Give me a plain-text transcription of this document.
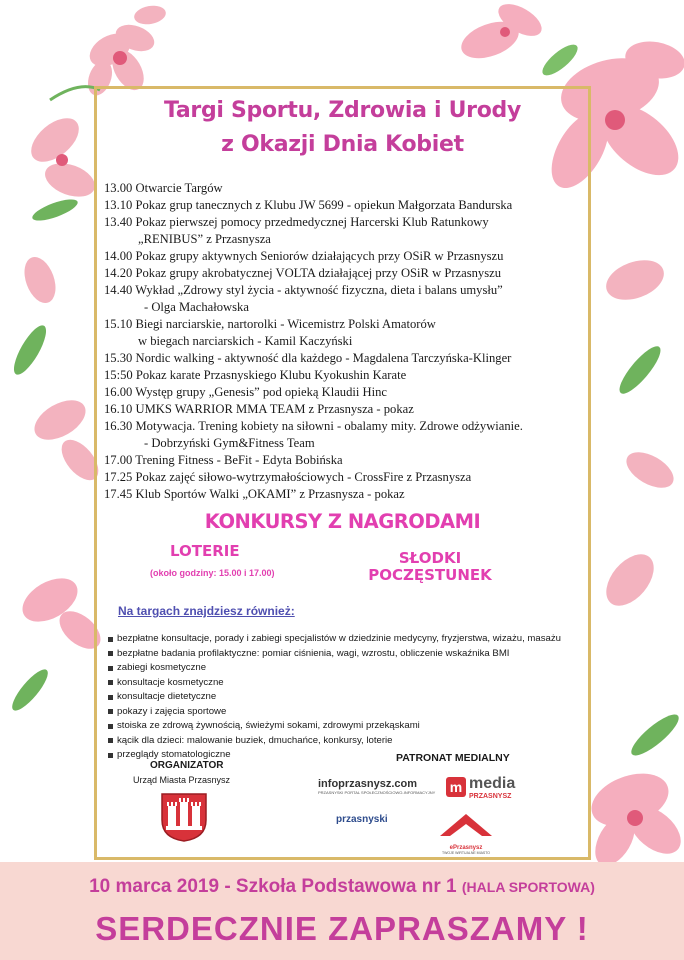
Targi Sportu, Zdrowia i Urody
z Okazji Dnia Kobiet
13.00 Otwarcie Targów
13.10 Pokaz grup tanecznych z Klubu JW 5699 - opiekun Małgorzata Bandurska
13.40 Pokaz pierwszej pomocy przedmedycznej Harcerski Klub Ratunkowy
„RENIBUS” z Przasnysza
14.00 Pokaz grupy aktywnych Seniorów działających przy OSiR w Przasnyszu
14.20 Pokaz grupy akrobatycznej VOLTA działającej przy OSiR w Przasnyszu
14.40 Wykład „Zdrowy styl życia - aktywność fizyczna, dieta i balans umysłu”
- Olga Machałowska
15.10 Biegi narciarskie, nartorolki - Wicemistrz Polski Amatorów
w biegach narciarskich - Kamil Kaczyński
15.30 Nordic walking - aktywność dla każdego - Magdalena Tarczyńska-Klinger
15:50 Pokaz karate Przasnyskiego Klubu Kyokushin Karate
16.00 Występ grupy „Genesis” pod opieką Klaudii Hinc
16.10 UMKS WARRIOR MMA TEAM z Przasnysza - pokaz
16.30 Motywacja. Trening kobiety na siłowni - obalamy mity. Zdrowe odżywianie.
- Dobrzyński Gym&Fitness Team
17.00 Trening Fitness - BeFit - Edyta Bobińska
17.25 Pokaz zajęć siłowo-wytrzymałościowych - CrossFire z Przasnysza
17.45 Klub Sportów Walki „OKAMI” z Przasnysza - pokaz
KONKURSY Z NAGRODAMI
LOTERIE
(około godziny: 15.00 i 17.00)
SŁODKI
POCZĘSTUNEK
Na targach znajdziesz również:
bezpłatne konsultacje, porady i zabiegi specjalistów w dziedzinie medycyny, fryzjerstwa, wizażu, masażu
bezpłatne badania profilaktyczne: pomiar ciśnienia, wagi, wzrostu, obliczenie wskaźnika BMI
zabiegi kosmetyczne
konsultacje kosmetyczne
konsultacje dietetyczne
pokazy i zajęcia sportowe
stoiska ze zdrową żywnością, świeżymi sokami, zdrowymi przekąskami
kącik dla dzieci: malowanie buziek, dmuchańce, konkursy, loterie
przeglądy stomatologiczne
ORGANIZATOR
Urząd Miasta Przasnysz
PATRONAT MEDIALNY
infoprzasnysz.com
PRZASNYSKI PORTAL SPOŁECZNOŚCIOWO-INFORMACYJNY m media
PRZASNYSZ
przasnyski
ePrzasnysz
TWOJE WIRTUALNE MIASTO
10 marca 2019 - Szkoła Podstawowa nr 1 (HALA SPORTOWA)
SERDECZNIE ZAPRASZAMY !
